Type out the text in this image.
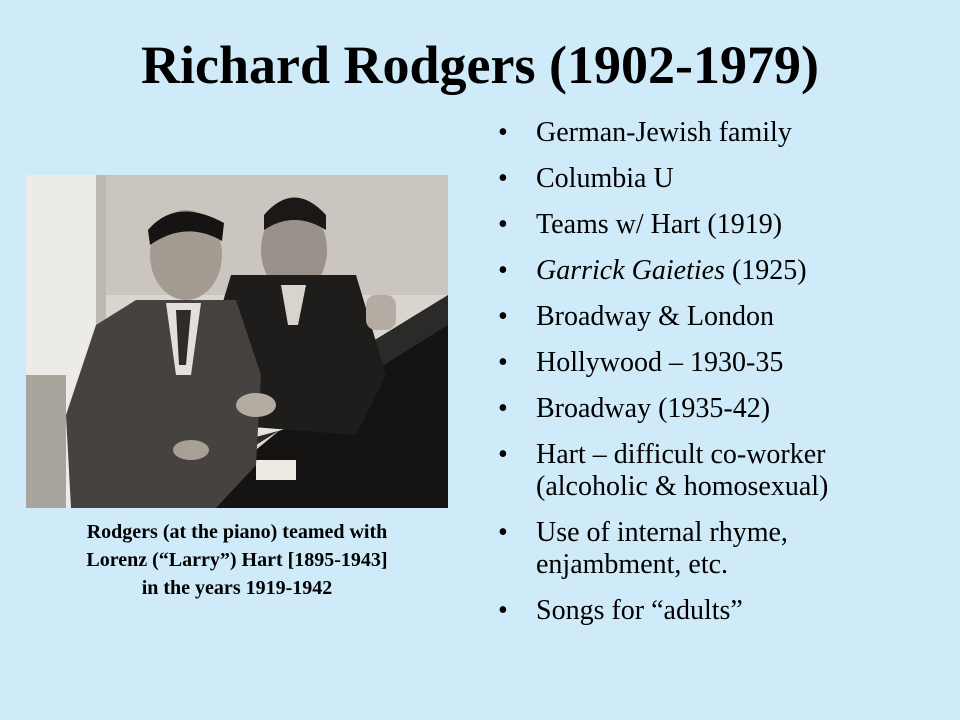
Richard Rodgers (1902-1979)
Rodgers (at the piano) teamed with
Lorenz (“Larry”) Hart [1895-1943]
in the years 1919-1942
• German-Jewish family
• Columbia U
• Teams w/ Hart (1919)
• Garrick Gaieties (1925)
• Broadway & London
• Hollywood – 1930-35
• Broadway (1935-42)
• Hart – difficult co-worker (alcoholic & homosexual)
• Use of internal rhyme, enjambment, etc.
• Songs for “adults”
